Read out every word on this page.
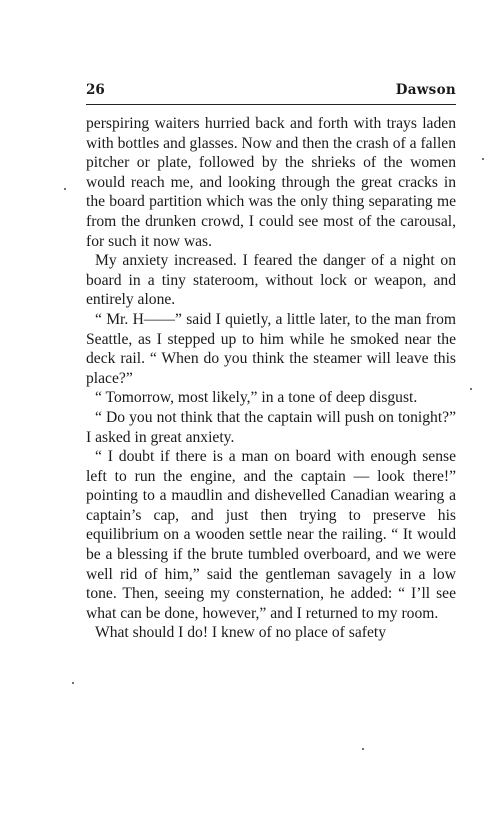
26	Dawson

perspiring waiters hurried back and forth with trays laden with bottles and glasses. Now and then the crash of a fallen pitcher or plate, followed by the shrieks of the women would reach me, and looking through the great cracks in the board partition which was the only thing separating me from the drunken crowd, I could see most of the carousal, for such it now was.

My anxiety increased. I feared the danger of a night on board in a tiny stateroom, without lock or weapon, and entirely alone.

“ Mr. H——” said I quietly, a little later, to the man from Seattle, as I stepped up to him while he smoked near the deck rail. “ When do you think the steamer will leave this place?”

“ Tomorrow, most likely,” in a tone of deep disgust.

“ Do you not think that the captain will push on tonight?” I asked in great anxiety.

“ I doubt if there is a man on board with enough sense left to run the engine, and the captain — look there!” pointing to a maudlin and dishevelled Canadian wearing a captain’s cap, and just then trying to preserve his equilibrium on a wooden settle near the railing. “ It would be a blessing if the brute tumbled overboard, and we were well rid of him,” said the gentleman savagely in a low tone. Then, seeing my consternation, he added: “ I’ll see what can be done, however,” and I returned to my room.

What should I do! I knew of no place of safety
